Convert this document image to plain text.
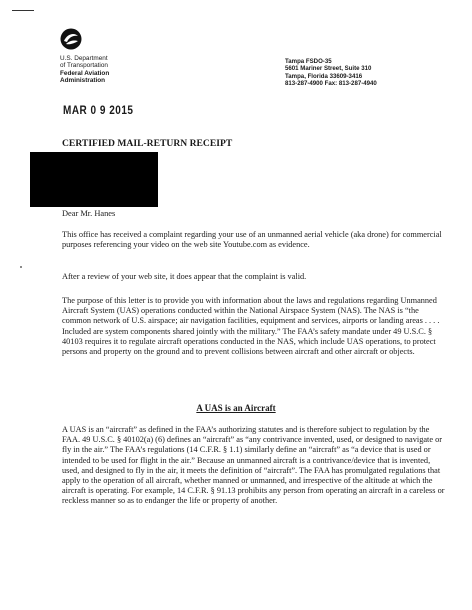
U.S. Department
of Transportation
Federal Aviation
Administration
Tampa FSDO-35
5601 Mariner Street, Suite 310
Tampa, Florida 33609-3416
813-287-4900 Fax: 813-287-4940
MAR 0 9 2015
CERTIFIED MAIL-RETURN RECEIPT
Dear Mr. Hanes
This office has received a complaint regarding your use of an unmanned aerial vehicle (aka drone) for commercial purposes referencing your video on the web site Youtube.com as evidence.
After a review of your web site, it does appear that the complaint is valid.
The purpose of this letter is to provide you with information about the laws and regulations regarding Unmanned Aircraft System (UAS) operations conducted within the National Airspace System (NAS). The NAS is “the common network of U.S. airspace; air navigation facilities, equipment and services, airports or landing areas . . . . Included are system components shared jointly with the military.” The FAA’s safety mandate under 49 U.S.C. § 40103 requires it to regulate aircraft operations conducted in the NAS, which include UAS operations, to protect persons and property on the ground and to prevent collisions between aircraft and other aircraft or objects.
A UAS is an Aircraft
A UAS is an “aircraft” as defined in the FAA’s authorizing statutes and is therefore subject to regulation by the FAA. 49 U.S.C. § 40102(a) (6) defines an “aircraft” as “any contrivance invented, used, or designed to navigate or fly in the air.” The FAA’s regulations (14 C.F.R. § 1.1) similarly define an “aircraft” as “a device that is used or intended to be used for flight in the air.” Because an unmanned aircraft is a contrivance/device that is invented, used, and designed to fly in the air, it meets the definition of “aircraft”. The FAA has promulgated regulations that apply to the operation of all aircraft, whether manned or unmanned, and irrespective of the altitude at which the aircraft is operating. For example, 14 C.F.R. § 91.13 prohibits any person from operating an aircraft in a careless or reckless manner so as to endanger the life or property of another.
